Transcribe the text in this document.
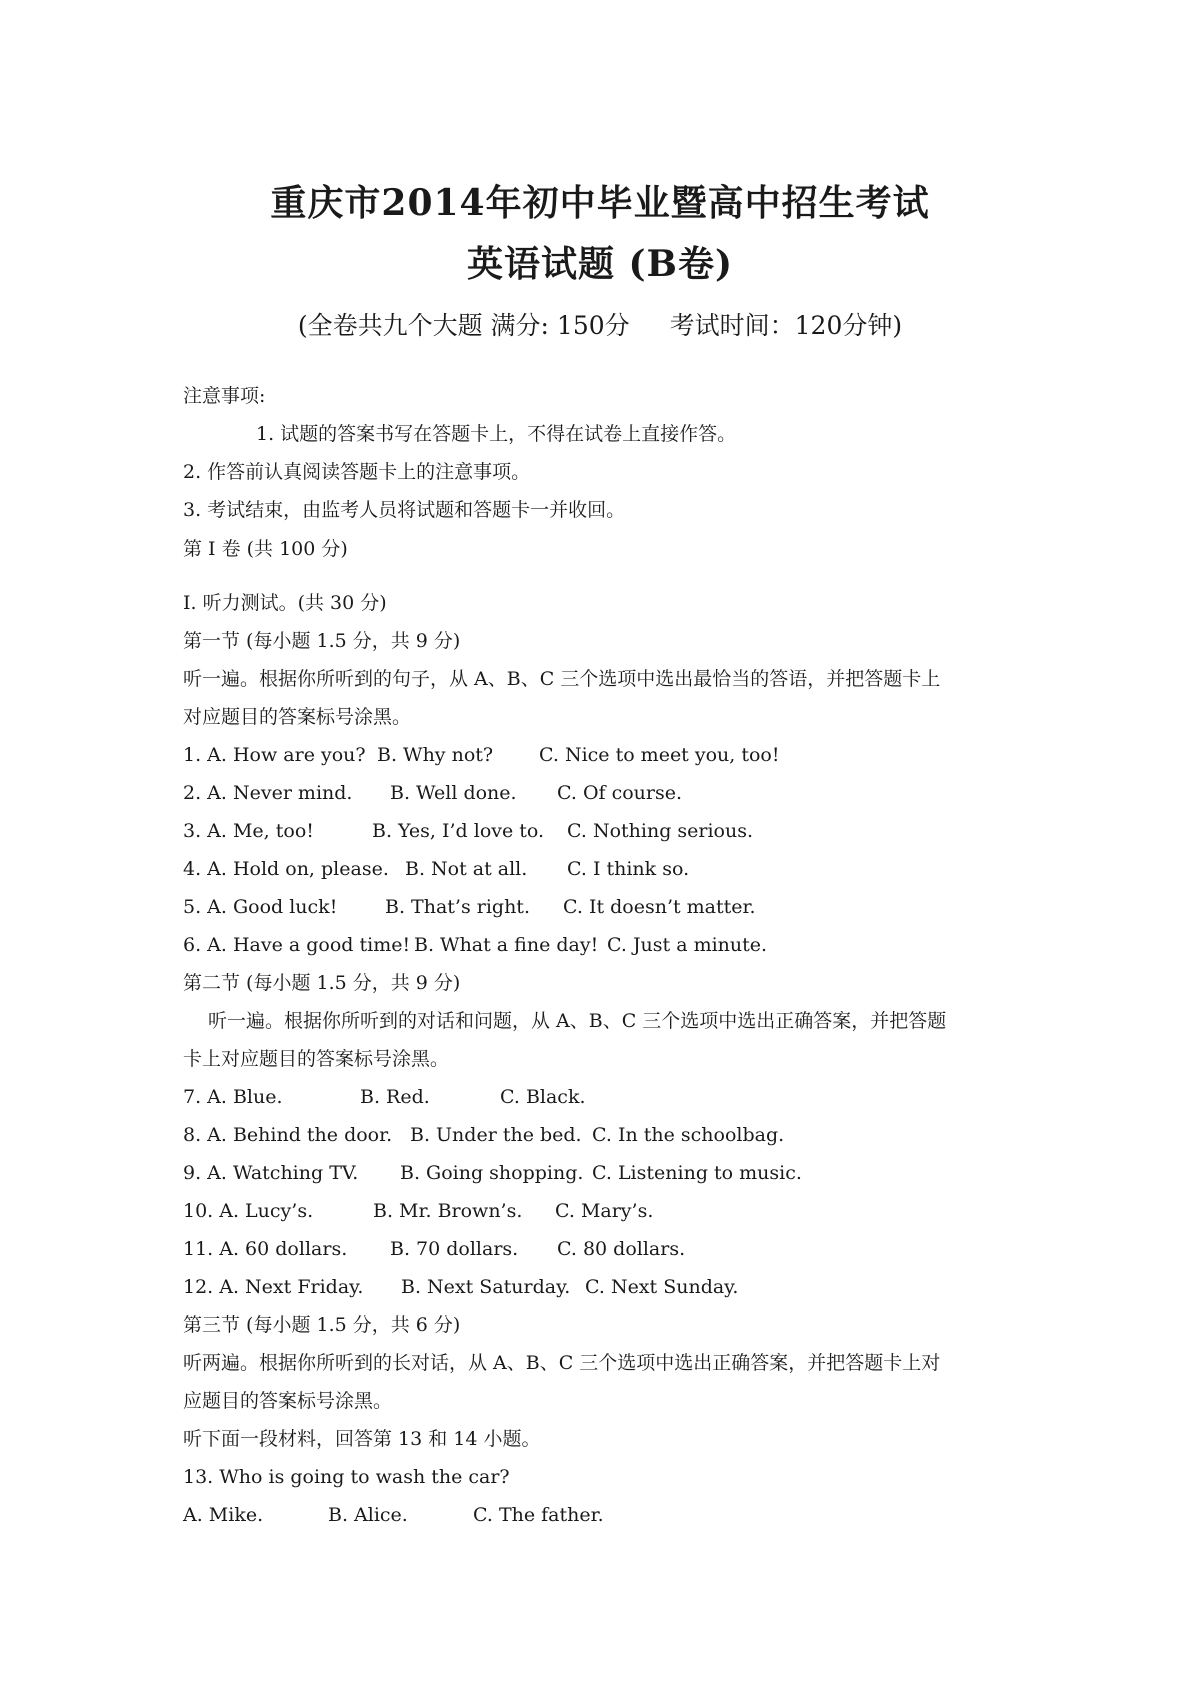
重庆市2014年初中毕业暨高中招生考试
英语试题 (B卷)
(全卷共九个大题 满分: 150分 考试时间：120分钟)
注意事项:
1. 试题的答案书写在答题卡上，不得在试卷上直接作答。
2. 作答前认真阅读答题卡上的注意事项。
3. 考试结束，由监考人员将试题和答题卡一并收回。
第 I 卷 (共 100 分)
I. 听力测试。(共 30 分)
第一节 (每小题 1.5 分，共 9 分)
听一遍。根据你所听到的句子，从 A、B、C 三个选项中选出最恰当的答语，并把答题卡上
对应题目的答案标号涂黑。
1. A. How are you? B. Why not? C. Nice to meet you, too!
2. A. Never mind. B. Well done. C. Of course.
3. A. Me, too!	B. Yes, I’d love to. C. Nothing serious.
4. A. Hold on, please. B. Not at all. C. I think so.
5. A. Good luck!	B. That’s right. C. It doesn’t matter.
6. A. Have a good time! B. What a fine day! C. Just a minute.
第二节 (每小题 1.5 分，共 9 分)
听一遍。根据你所听到的对话和问题，从 A、B、C 三个选项中选出正确答案，并把答题
卡上对应题目的答案标号涂黑。
7. A. Blue.	B. Red.	C. Black.
8. A. Behind the door. B. Under the bed. C. In the schoolbag.
9. A. Watching TV. B. Going shopping. C. Listening to music.
10. A. Lucy’s.	B. Mr. Brown’s. C. Mary’s.
11. A. 60 dollars. B. 70 dollars. C. 80 dollars.
12. A. Next Friday. B. Next Saturday. C. Next Sunday.
第三节 (每小题 1.5 分，共 6 分)
听两遍。根据你所听到的长对话，从 A、B、C 三个选项中选出正确答案，并把答题卡上对
应题目的答案标号涂黑。
听下面一段材料，回答第 13 和 14 小题。
13. Who is going to wash the car?
A. Mike.	B. Alice.	C. The father.
